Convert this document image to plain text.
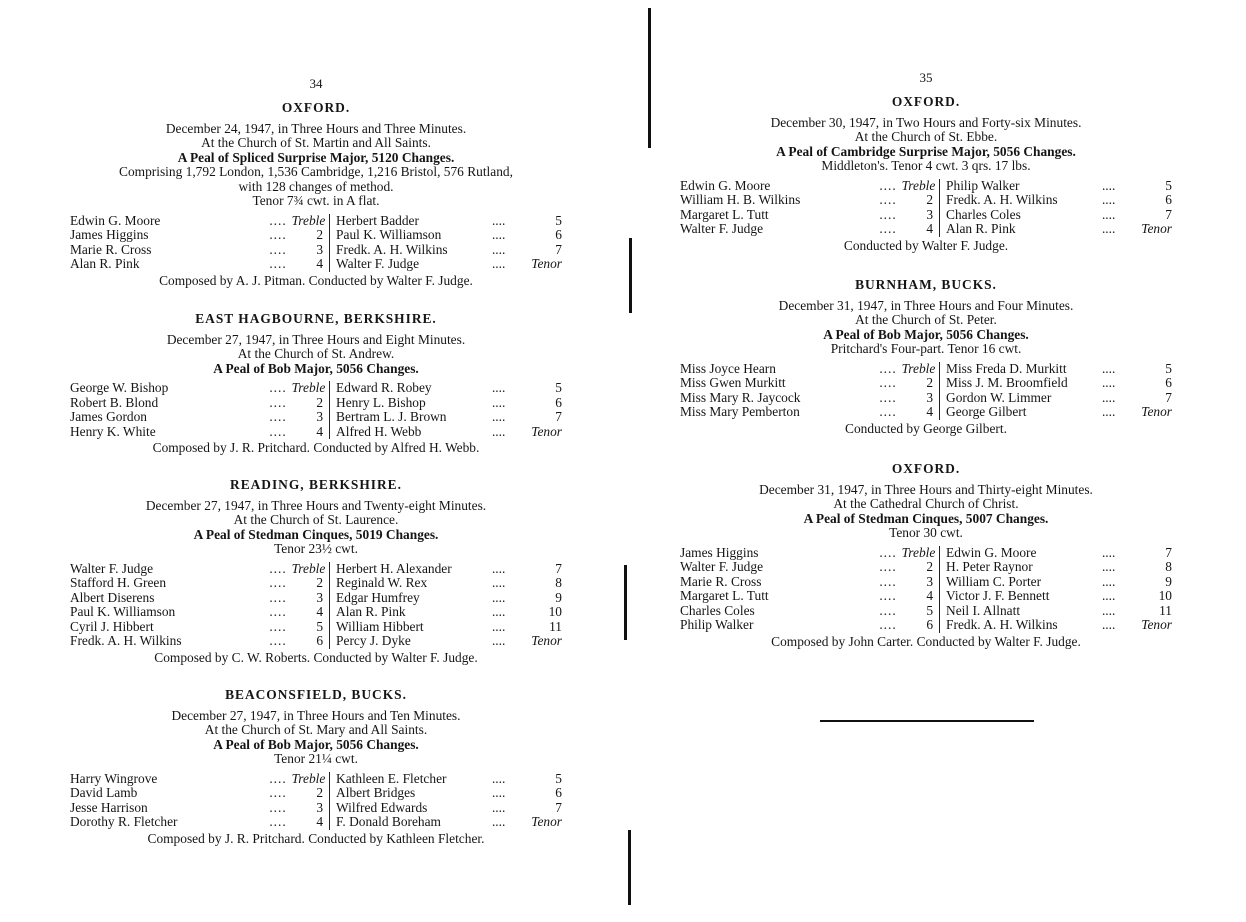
34
OXFORD.
December 24, 1947, in Three Hours and Three Minutes.
At the Church of St. Martin and All Saints.
A Peal of Spliced Surprise Major, 5120 Changes.
Comprising 1,792 London, 1,536 Cambridge, 1,216 Bristol, 576 Rutland,
with 128 changes of method.
Tenor 7¾ cwt. in A flat.
Edwin G. Moore	....	Treble	Herbert Badder	....	5
James Higgins	....	2	Paul K. Williamson	....	6
Marie R. Cross	....	3	Fredk. A. H. Wilkins	....	7
Alan R. Pink	....	4	Walter F. Judge	....	Tenor
Composed by A. J. Pitman. Conducted by Walter F. Judge.
EAST HAGBOURNE, BERKSHIRE.
December 27, 1947, in Three Hours and Eight Minutes.
At the Church of St. Andrew.
A Peal of Bob Major, 5056 Changes.
George W. Bishop	....	Treble	Edward R. Robey	....	5
Robert B. Blond	....	2	Henry L. Bishop	....	6
James Gordon	....	3	Bertram L. J. Brown	....	7
Henry K. White	....	4	Alfred H. Webb	....	Tenor
Composed by J. R. Pritchard. Conducted by Alfred H. Webb.
READING, BERKSHIRE.
December 27, 1947, in Three Hours and Twenty-eight Minutes.
At the Church of St. Laurence.
A Peal of Stedman Cinques, 5019 Changes.
Tenor 23½ cwt.
Walter F. Judge	....	Treble	Herbert H. Alexander	....	7
Stafford H. Green	....	2	Reginald W. Rex	....	8
Albert Diserens	....	3	Edgar Humfrey	....	9
Paul K. Williamson	....	4	Alan R. Pink	....	10
Cyril J. Hibbert	....	5	William Hibbert	....	11
Fredk. A. H. Wilkins	....	6	Percy J. Dyke	....	Tenor
Composed by C. W. Roberts. Conducted by Walter F. Judge.
BEACONSFIELD, BUCKS.
December 27, 1947, in Three Hours and Ten Minutes.
At the Church of St. Mary and All Saints.
A Peal of Bob Major, 5056 Changes.
Tenor 21¼ cwt.
Harry Wingrove	....	Treble	Kathleen E. Fletcher	....	5
David Lamb	....	2	Albert Bridges	....	6
Jesse Harrison	....	3	Wilfred Edwards	....	7
Dorothy R. Fletcher	....	4	F. Donald Boreham	....	Tenor
Composed by J. R. Pritchard. Conducted by Kathleen Fletcher.
35
OXFORD.
December 30, 1947, in Two Hours and Forty-six Minutes.
At the Church of St. Ebbe.
A Peal of Cambridge Surprise Major, 5056 Changes.
Middleton's. Tenor 4 cwt. 3 qrs. 17 lbs.
Edwin G. Moore	....	Treble	Philip Walker	....	5
William H. B. Wilkins	....	2	Fredk. A. H. Wilkins	....	6
Margaret L. Tutt	....	3	Charles Coles	....	7
Walter F. Judge	....	4	Alan R. Pink	....	Tenor
Conducted by Walter F. Judge.
BURNHAM, BUCKS.
December 31, 1947, in Three Hours and Four Minutes.
At the Church of St. Peter.
A Peal of Bob Major, 5056 Changes.
Pritchard's Four-part. Tenor 16 cwt.
Miss Joyce Hearn	....	Treble	Miss Freda D. Murkitt	....	5
Miss Gwen Murkitt	....	2	Miss J. M. Broomfield	....	6
Miss Mary R. Jaycock	....	3	Gordon W. Limmer	....	7
Miss Mary Pemberton	....	4	George Gilbert	....	Tenor
Conducted by George Gilbert.
OXFORD.
December 31, 1947, in Three Hours and Thirty-eight Minutes.
At the Cathedral Church of Christ.
A Peal of Stedman Cinques, 5007 Changes.
Tenor 30 cwt.
James Higgins	....	Treble	Edwin G. Moore	....	7
Walter F. Judge	....	2	H. Peter Raynor	....	8
Marie R. Cross	....	3	William C. Porter	....	9
Margaret L. Tutt	....	4	Victor J. F. Bennett	....	10
Charles Coles	....	5	Neil I. Allnatt	....	11
Philip Walker	....	6	Fredk. A. H. Wilkins	....	Tenor
Composed by John Carter. Conducted by Walter F. Judge.
